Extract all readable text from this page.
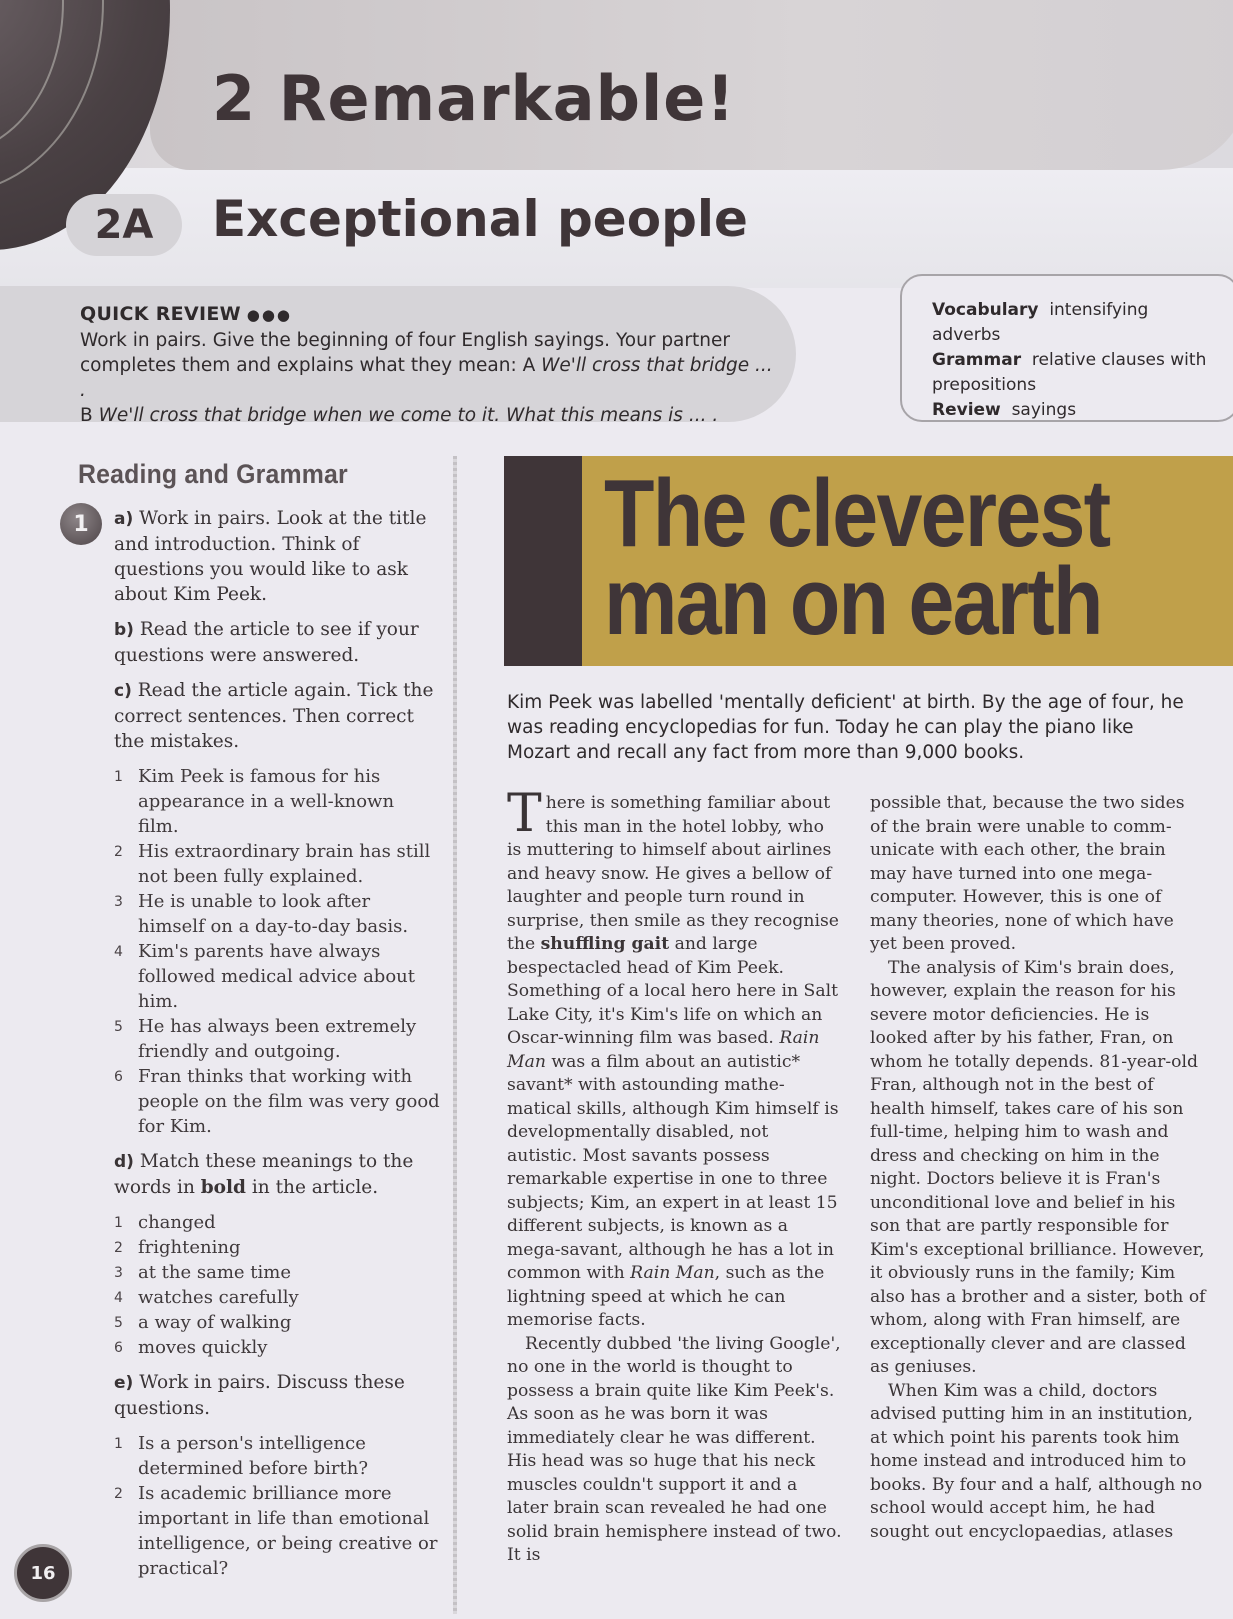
2 Remarkable!
2A	Exceptional people
QUICK REVIEW ●●●
Work in pairs. Give the beginning of four English sayings. Your partner completes them and explains what they mean: A We'll cross that bridge ... .
B We'll cross that bridge when we come to it. What this means is ... .
Vocabulary intensifying adverbs
Grammar relative clauses with prepositions
Review sayings
Reading and Grammar
1	a) Work in pairs. Look at the title and introduction. Think of questions you would like to ask about Kim Peek.

b) Read the article to see if your questions were answered.

c) Read the article again. Tick the correct sentences. Then correct the mistakes.

1 Kim Peek is famous for his appearance in a well-known film.
2 His extraordinary brain has still not been fully explained.
3 He is unable to look after himself on a day-to-day basis.
4 Kim's parents have always followed medical advice about him.
5 He has always been extremely friendly and outgoing.
6 Fran thinks that working with people on the film was very good for Kim.

d) Match these meanings to the words in bold in the article.

1 changed
2 frightening
3 at the same time
4 watches carefully
5 a way of walking
6 moves quickly

e) Work in pairs. Discuss these questions.

1 Is a person's intelligence determined before birth?
2 Is academic brilliance more important in life than emotional intelligence, or being creative or practical?
16
The cleverest
man on earth

Kim Peek was labelled 'mentally deficient' at birth. By the age of four, he was reading encyclopedias for fun. Today he can play the piano like Mozart and recall any fact from more than 9,000 books.

There is something familiar about this man in the hotel lobby, who is muttering to himself about airlines and heavy snow. He gives a bellow of laughter and people turn round in surprise, then smile as they recognise the shuffling gait and large bespectacled head of Kim Peek. Something of a local hero here in Salt Lake City, it's Kim's life on which an Oscar-winning film was based. Rain Man was a film about an autistic* savant* with astounding mathe-matical skills, although Kim himself is developmentally disabled, not autistic. Most savants possess remarkable expertise in one to three subjects; Kim, an expert in at least 15 different subjects, is known as a mega-savant, although he has a lot in common with Rain Man, such as the lightning speed at which he can memorise facts.

Recently dubbed 'the living Google', no one in the world is thought to possess a brain quite like Kim Peek's. As soon as he was born it was immediately clear he was different. His head was so huge that his neck muscles couldn't support it and a later brain scan revealed he had one solid brain hemisphere instead of two. It is

possible that, because the two sides of the brain were unable to comm-unicate with each other, the brain may have turned into one mega-computer. However, this is one of many theories, none of which have yet been proved.

The analysis of Kim's brain does, however, explain the reason for his severe motor deficiencies. He is looked after by his father, Fran, on whom he totally depends. 81-year-old Fran, although not in the best of health himself, takes care of his son full-time, helping him to wash and dress and checking on him in the night. Doctors believe it is Fran's unconditional love and belief in his son that are partly responsible for Kim's exceptional brilliance. However, it obviously runs in the family; Kim also has a brother and a sister, both of whom, along with Fran himself, are exceptionally clever and are classed as geniuses.

When Kim was a child, doctors advised putting him in an institution, at which point his parents took him home instead and introduced him to books. By four and a half, although no school would accept him, he had sought out encyclopaedias, atlases
